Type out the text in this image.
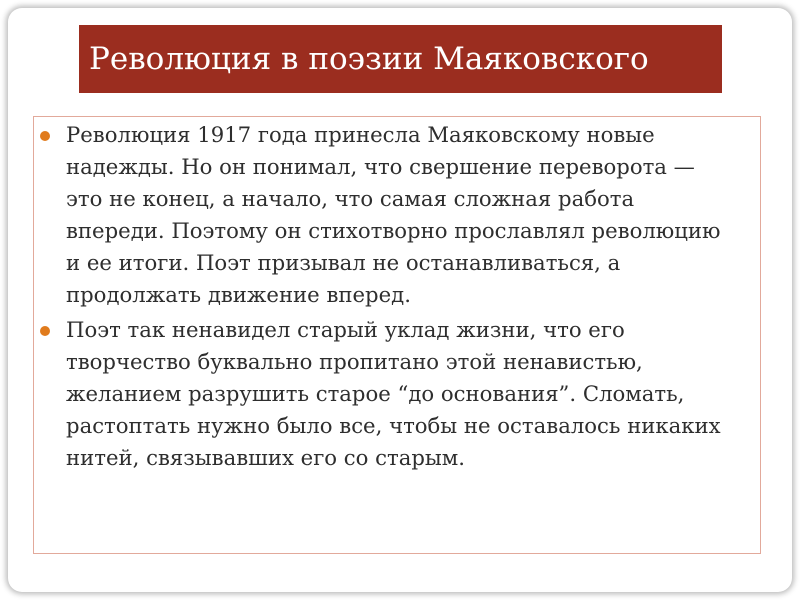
Революция в поэзии Маяковского
Революция 1917 года принесла Маяковскому новые надежды. Но он понимал, что свершение переворота — это не конец, а начало, что самая сложная работа впереди. Поэтому он стихотворно прославлял революцию и ее итоги. Поэт призывал не останавливаться, а продолжать движение вперед.
Поэт так ненавидел старый уклад жизни, что его творчество буквально пропитано этой ненавистью, желанием разрушить старое “до основания”. Сломать, растоптать нужно было все, чтобы не оставалось никаких нитей, связывавших его со старым.
